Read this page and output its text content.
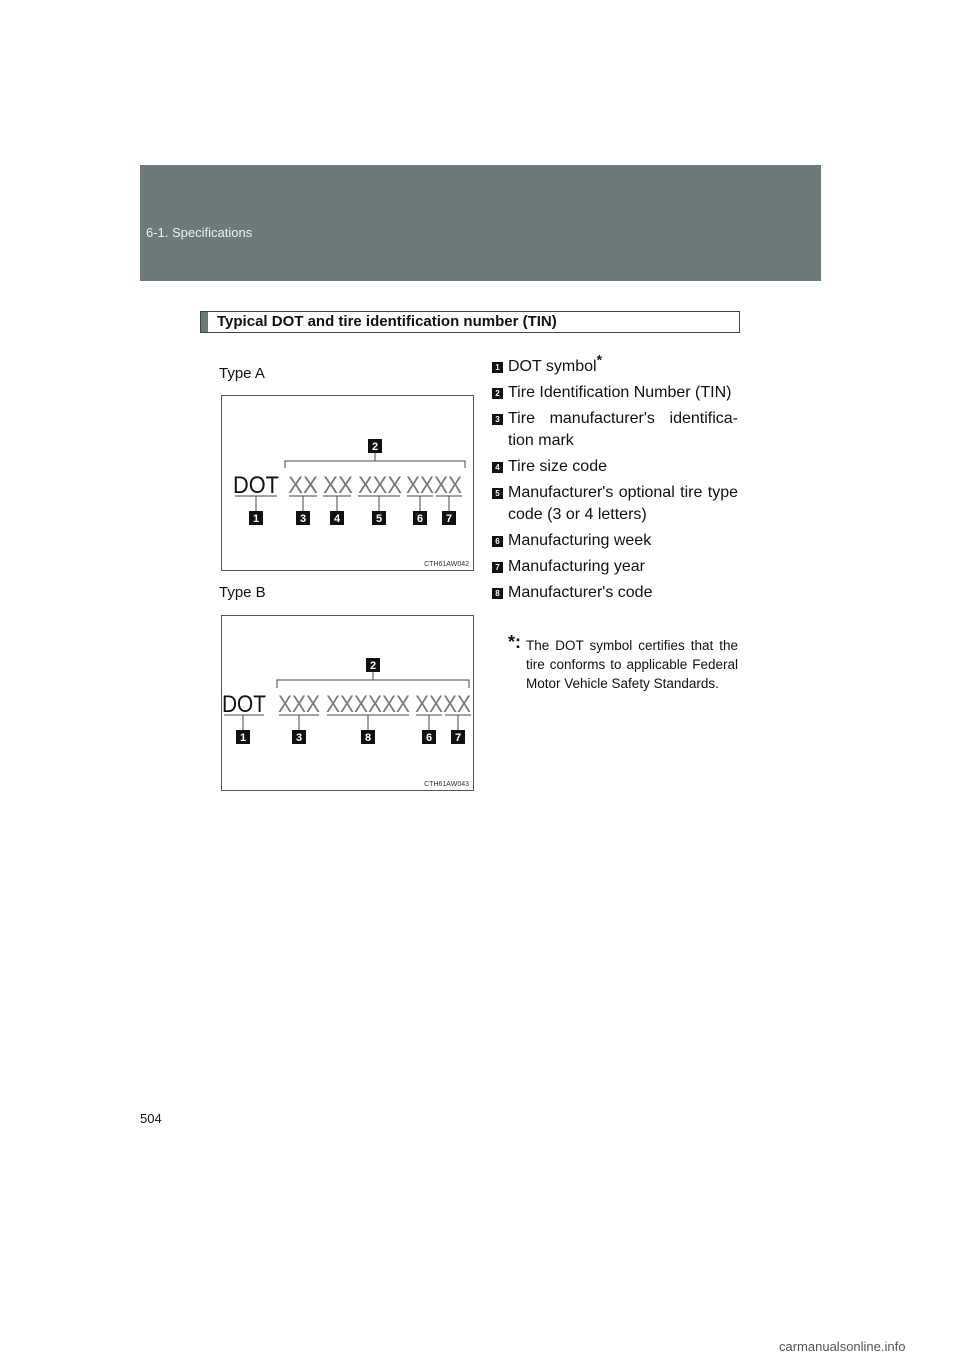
6-1. Specifications
Typical DOT and tire identification number (TIN)
Type A
2
DOT XX XX XXX XXXX
1	3	4	5	6 7
CTH61AW042
Type B
2
DOT XXX XXXXXX XXXX
1	3	8	6 7
CTH61AW043
1 DOT symbol*
2 Tire Identification Number (TIN)
3 Tire manufacturer's identifica-tion mark
4 Tire size code
5 Manufacturer's optional tire type code (3 or 4 letters)
6 Manufacturing week
7 Manufacturing year
8 Manufacturer's code
*: The DOT symbol certifies that the tire conforms to applicable Federal Motor Vehicle Safety Standards.
504
carmanualsonline.info
